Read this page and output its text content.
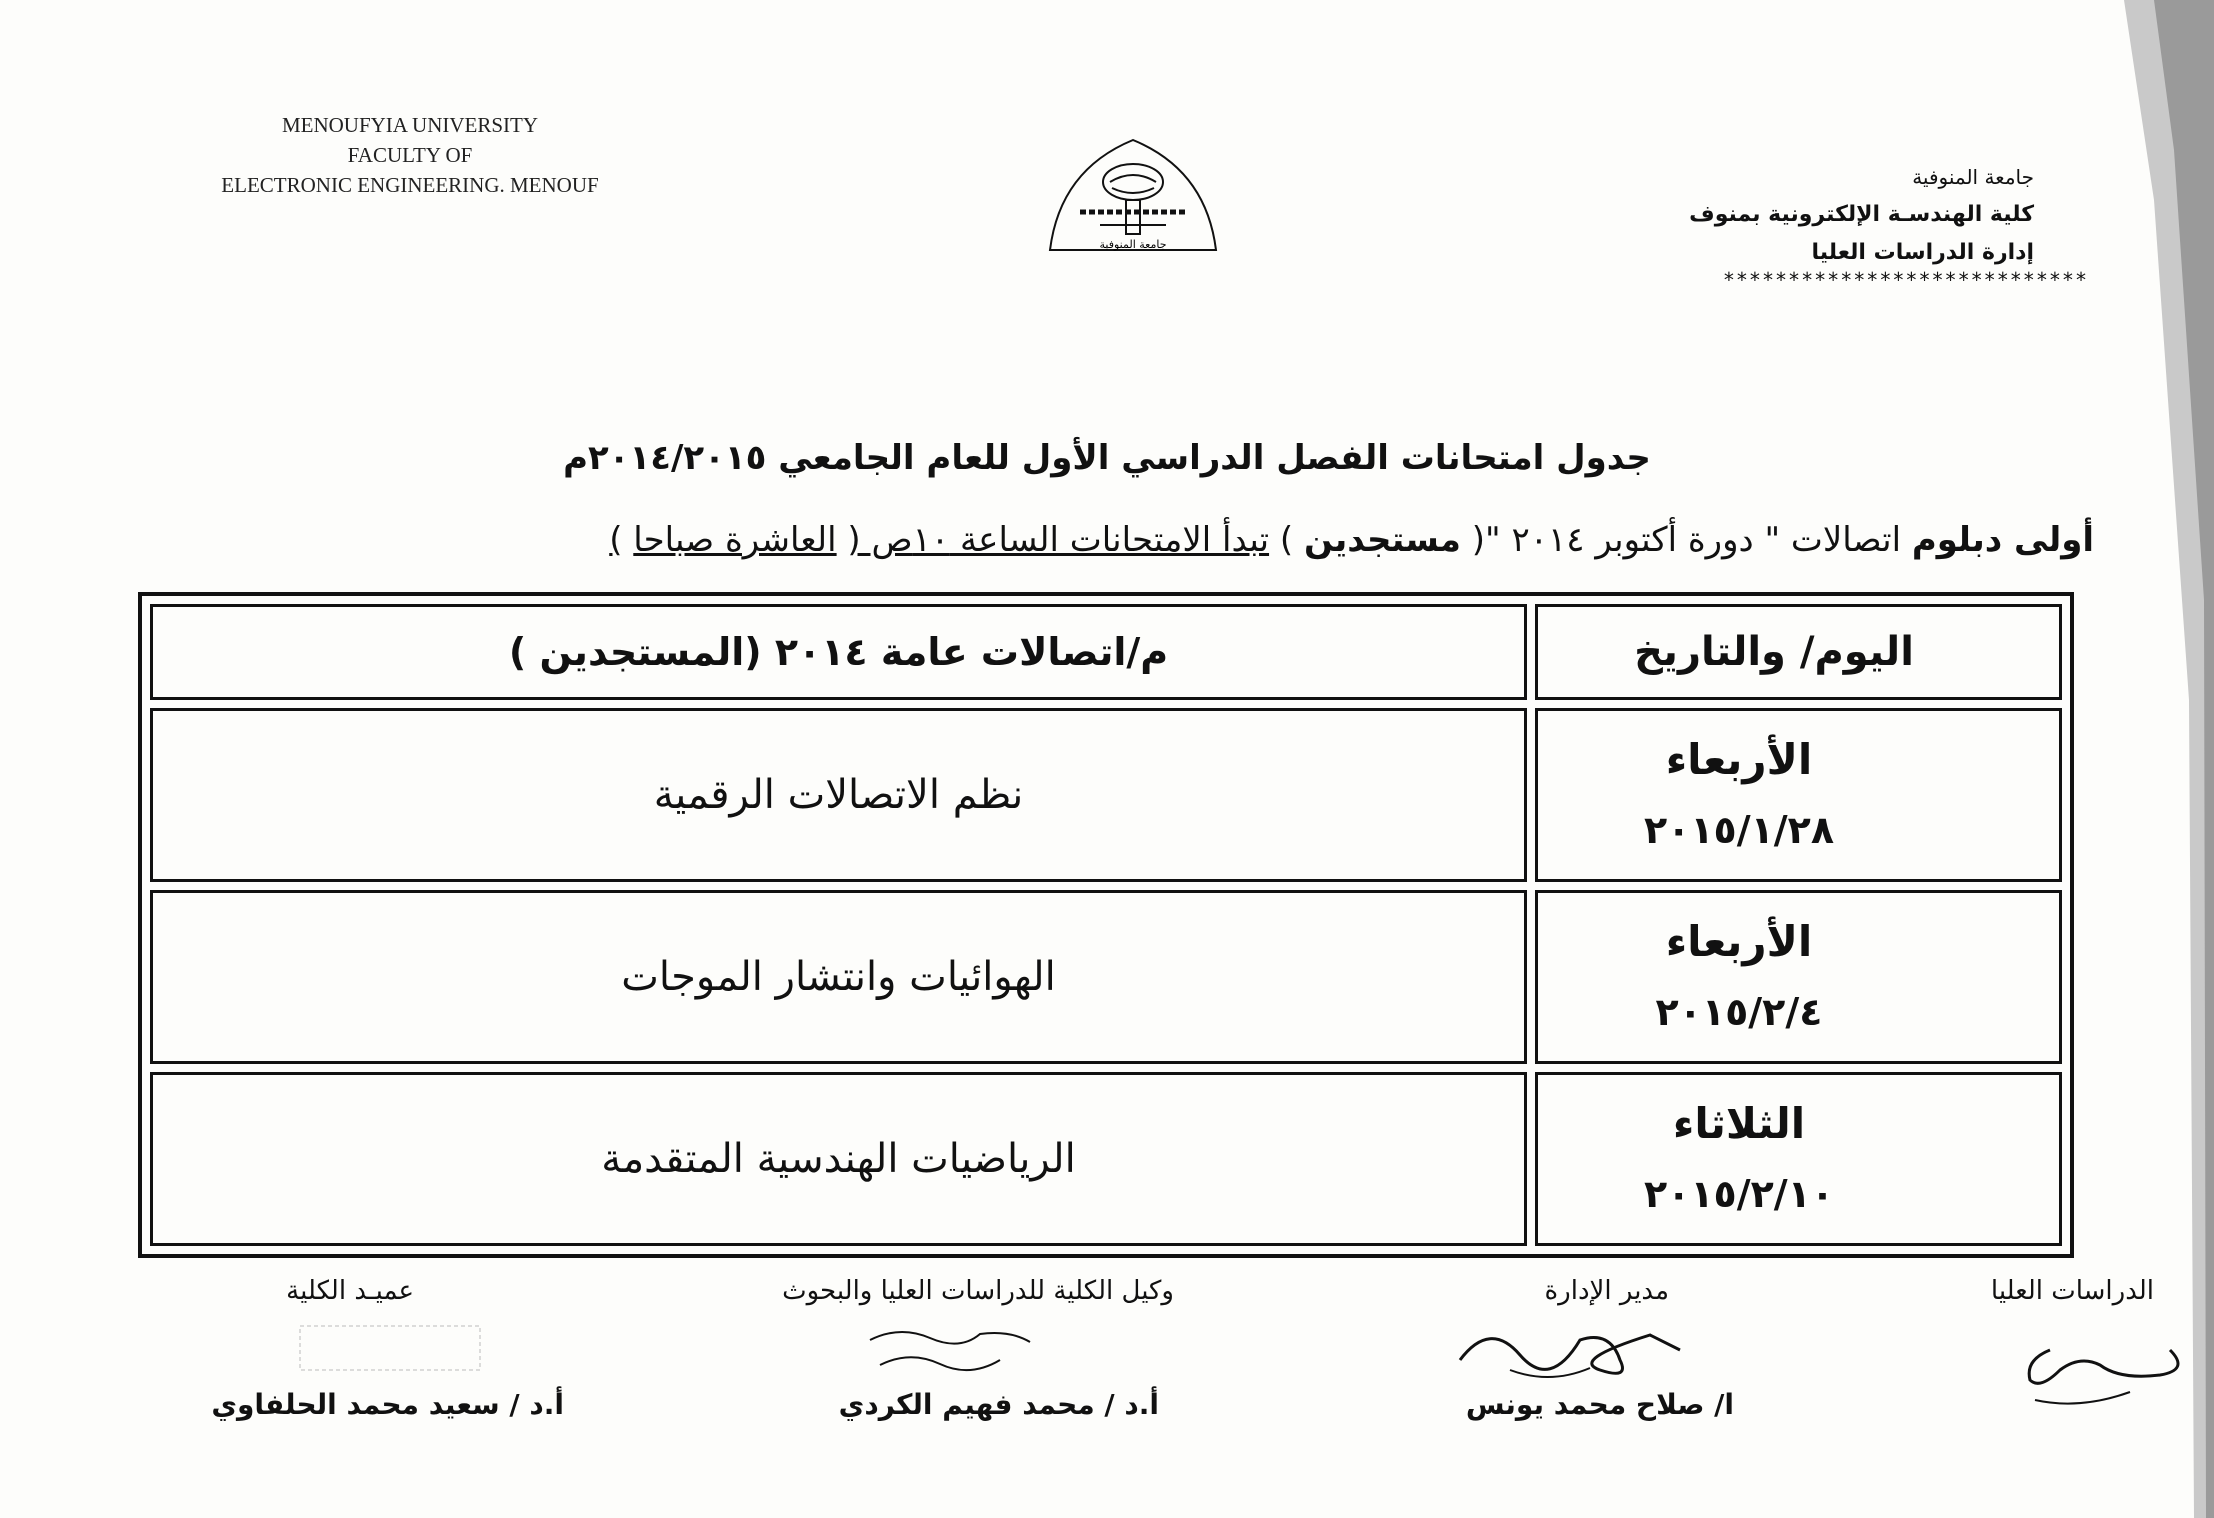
MENOUFYIA UNIVERSITY
FACULTY OF
ELECTRONIC ENGINEERING. MENOUF
جامعة المنوفية
جامعة المنوفية
كلية الهندسـة الإلكترونية بمنوف
إدارة الدراسات العليا
****************************
جدول امتحانات الفصل الدراسي الأول للعام الجامعي ٢٠١٤/٢٠١٥م
أولى دبلوم اتصالات " دورة أكتوبر ٢٠١٤ "( مستجدين ) تبدأ الامتحانات الساعة ١٠ص ( العاشرة صباحا )
اليوم/ والتاريخ	م/اتصالات عامة ٢٠١٤ (المستجدين )

الأربعاء
٢٠١٥/١/٢٨	نظم الاتصالات الرقمية

الأربعاء
٢٠١٥/٢/٤	الهوائيات وانتشار الموجات

الثلاثاء
٢٠١٥/٢/١٠	الرياضيات الهندسية المتقدمة
الدراسات العليا
مدير الإدارة
وكيل الكلية للدراسات العليا والبحوث
عميـد الكلية
ا/ صلاح محمد يونس
أ.د / محمد فهيم الكردي
أ.د / سعيد محمد الحلفاوي
